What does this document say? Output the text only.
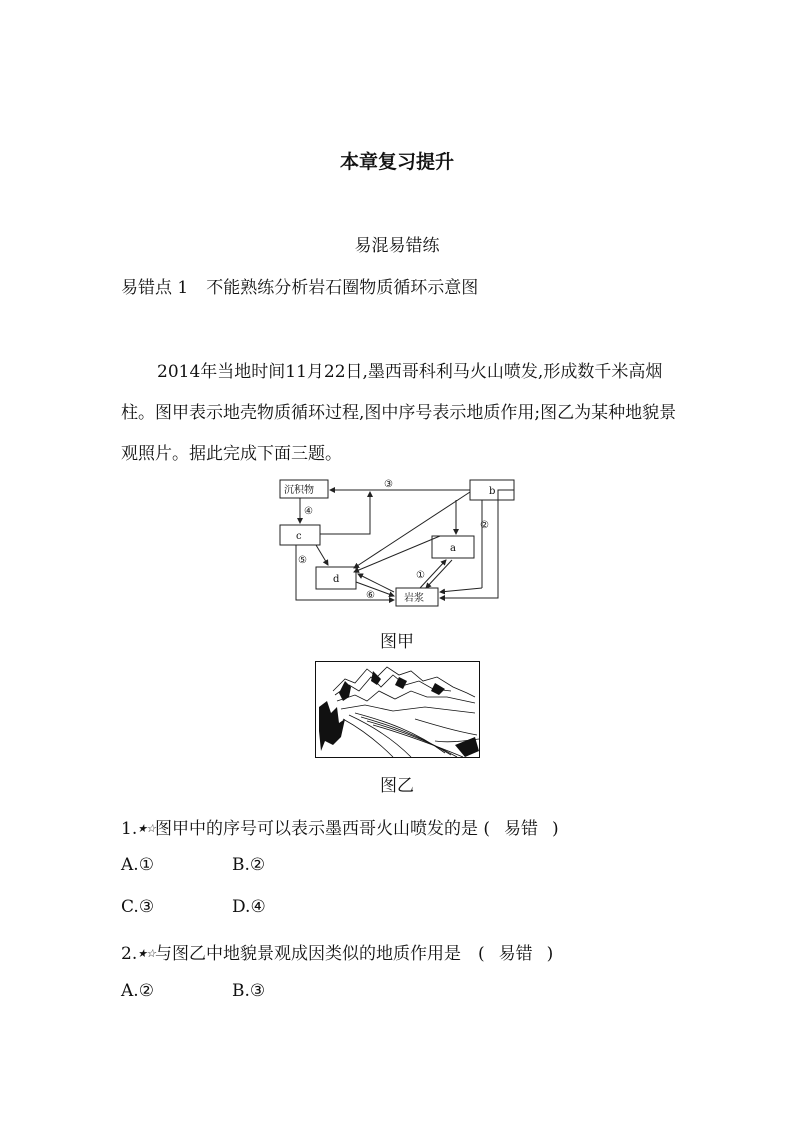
本章复习提升
易混易错练
易错点 1 不能熟练分析岩石圈物质循环示意图
2014年当地时间11月22日,墨西哥科利马火山喷发,形成数千米高烟柱。图甲表示地壳物质循环过程,图中序号表示地质作用;图乙为某种地貌景观照片。据此完成下面三题。
沉积物	b
c
a
d
岩浆
①
②
③
④
⑤
⑥
图甲
图乙
1.★☆图甲中的序号可以表示墨西哥火山喷发的是 ( 易错 )
A.①	B.②
C.③	D.④
2.★☆与图乙中地貌景观成因类似的地质作用是　( 易错 )
A.②	B.③
